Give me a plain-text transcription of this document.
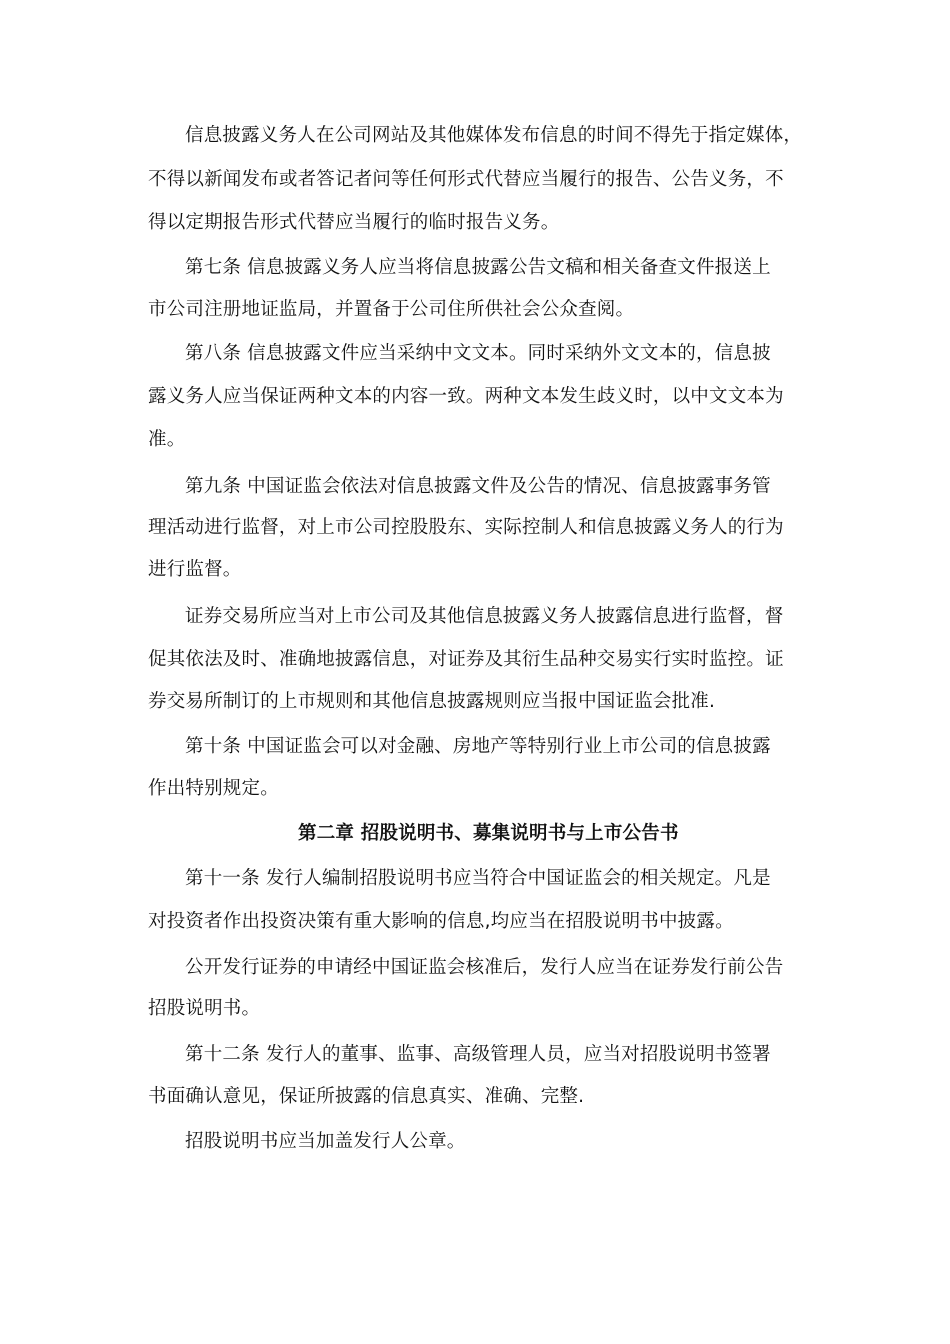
信息披露义务人在公司网站及其他媒体发布信息的时间不得先于指定媒体，
不得以新闻发布或者答记者问等任何形式代替应当履行的报告、公告义务，不
得以定期报告形式代替应当履行的临时报告义务。
第七条 信息披露义务人应当将信息披露公告文稿和相关备查文件报送上
市公司注册地证监局，并置备于公司住所供社会公众查阅。
第八条 信息披露文件应当采纳中文文本。同时采纳外文文本的，信息披
露义务人应当保证两种文本的内容一致。两种文本发生歧义时，以中文文本为
准。
第九条 中国证监会依法对信息披露文件及公告的情况、信息披露事务管
理活动进行监督，对上市公司控股股东、实际控制人和信息披露义务人的行为
进行监督。
证券交易所应当对上市公司及其他信息披露义务人披露信息进行监督，督
促其依法及时、准确地披露信息，对证券及其衍生品种交易实行实时监控。证
券交易所制订的上市规则和其他信息披露规则应当报中国证监会批准.
第十条 中国证监会可以对金融、房地产等特别行业上市公司的信息披露
作出特别规定。
第二章 招股说明书、募集说明书与上市公告书
第十一条 发行人编制招股说明书应当符合中国证监会的相关规定。凡是
对投资者作出投资决策有重大影响的信息,均应当在招股说明书中披露。
公开发行证券的申请经中国证监会核准后，发行人应当在证券发行前公告
招股说明书。
第十二条 发行人的董事、监事、高级管理人员，应当对招股说明书签署
书面确认意见，保证所披露的信息真实、准确、完整.
招股说明书应当加盖发行人公章。
